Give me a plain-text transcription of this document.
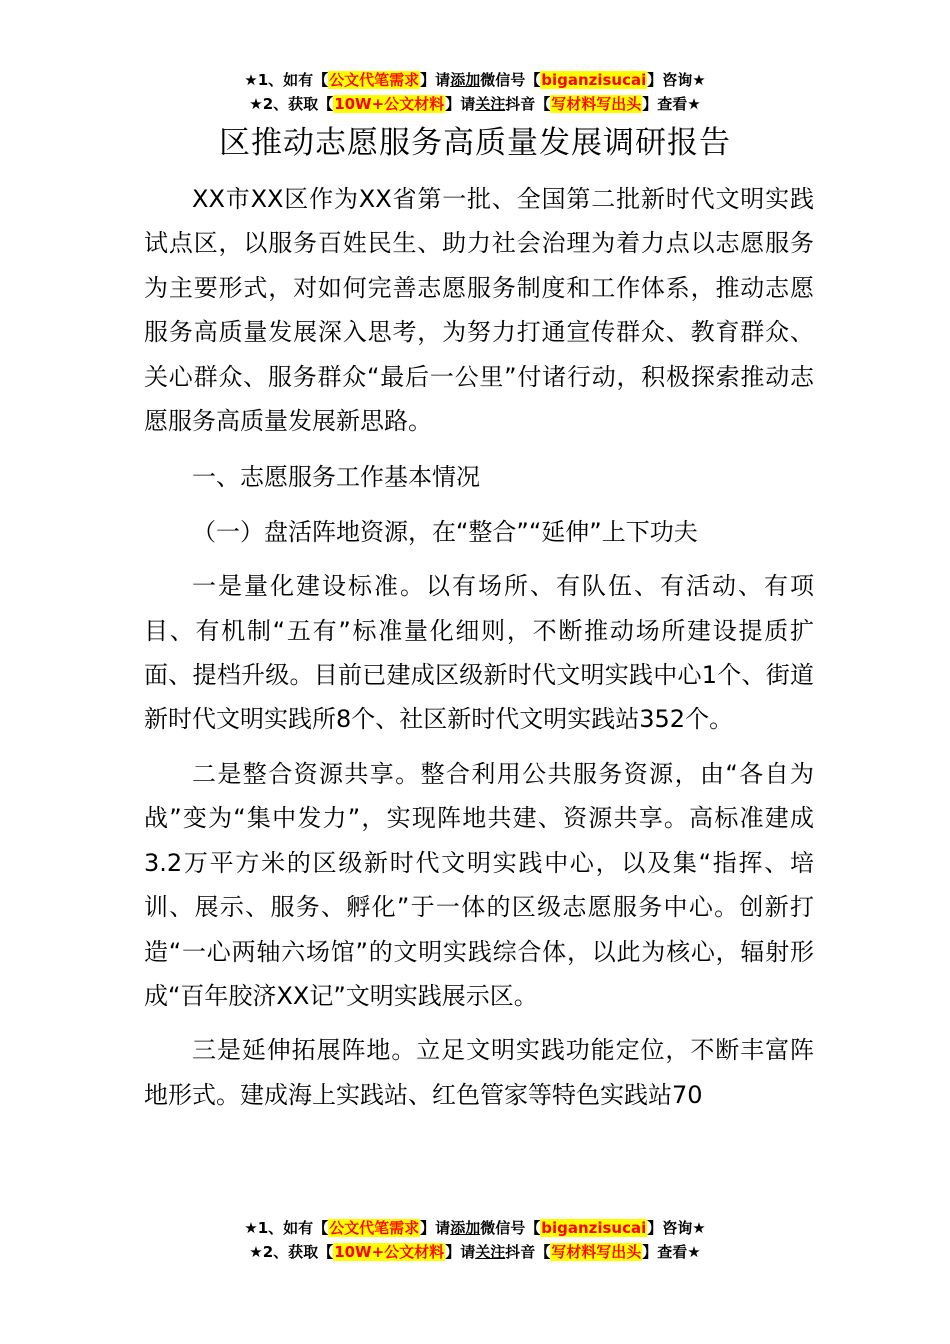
★1、如有【公文代笔需求】请添加微信号【biganzisucai】咨询★
★2、获取【10W+公文材料】请关注抖音【写材料写出头】查看★
区推动志愿服务高质量发展调研报告

XX市XX区作为XX省第一批、全国第二批新时代文明实践试点区，以服务百姓民生、助力社会治理为着力点以志愿服务为主要形式，对如何完善志愿服务制度和工作体系，推动志愿服务高质量发展深入思考，为努力打通宣传群众、教育群众、关心群众、服务群众“最后一公里”付诸行动，积极探索推动志愿服务高质量发展新思路。

一、志愿服务工作基本情况

（一）盘活阵地资源，在“整合”“延伸”上下功夫

一是量化建设标准。以有场所、有队伍、有活动、有项目、有机制“五有”标准量化细则，不断推动场所建设提质扩面、提档升级。目前已建成区级新时代文明实践中心1个、街道新时代文明实践所8个、社区新时代文明实践站352个。

二是整合资源共享。整合利用公共服务资源，由“各自为战”变为“集中发力”，实现阵地共建、资源共享。高标准建成3.2万平方米的区级新时代文明实践中心，以及集“指挥、培训、展示、服务、孵化”于一体的区级志愿服务中心。创新打造“一心两轴六场馆”的文明实践综合体，以此为核心，辐射形成“百年胶济XX记”文明实践展示区。

三是延伸拓展阵地。立足文明实践功能定位，不断丰富阵地形式。建成海上实践站、红色管家等特色实践站70

★1、如有【公文代笔需求】请添加微信号【biganzisucai】咨询★
★2、获取【10W+公文材料】请关注抖音【写材料写出头】查看★
